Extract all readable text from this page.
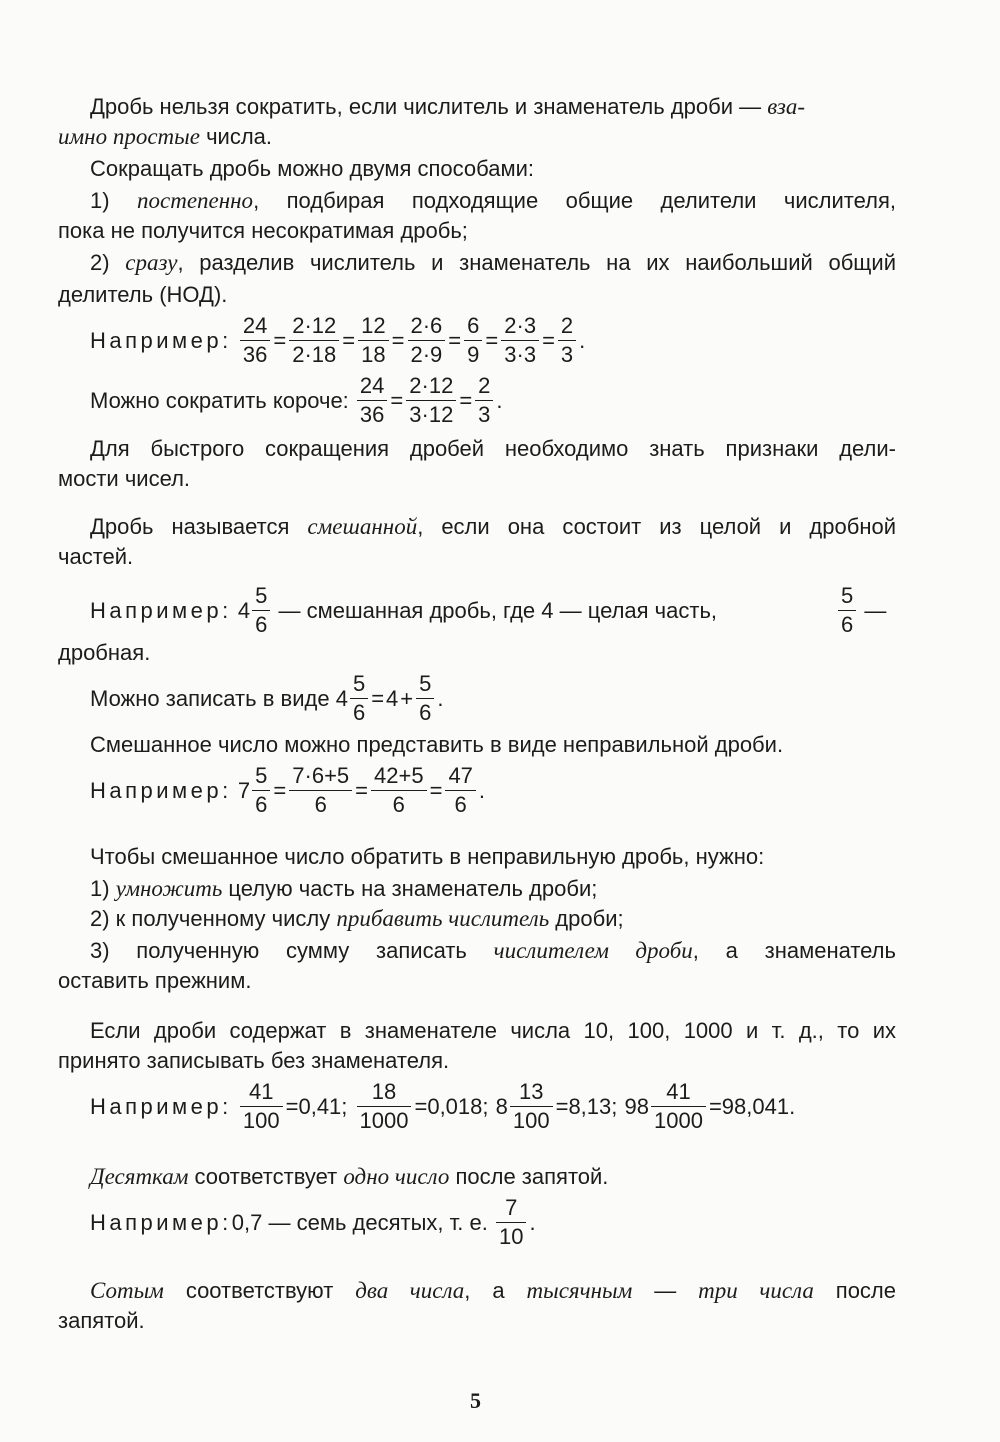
Дробь нельзя сократить, если числитель и знаменатель дроби — вза-
имно простые числа.
Сокращать дробь можно двумя способами:
1) постепенно, подбирая подходящие общие делители числителя,
пока не получится несократимая дробь;
2) сразу, разделив числитель и знаменатель на их наибольший общий
делитель (НОД).
Например: $\frac{24}{36} = \frac{2\cdot 12}{2\cdot 18} = \frac{12}{18} = \frac{2\cdot 6}{2\cdot 9} = \frac{6}{9} = \frac{2\cdot 3}{3\cdot 3} = \frac{2}{3}$ .
Можно сократить короче: $\frac{24}{36} = \frac{2\cdot 12}{3\cdot 12} = \frac{2}{3}$ .
Для быстрого сокращения дробей необходимо знать признаки дели-
мости чисел.
Дробь называется смешанной, если она состоит из целой и дробной
частей.
Например: $4 \frac{5}{6}$ — смешанная дробь, где 4 — целая часть,	$\frac{5}{6}$ —
дробная.
Можно записать в виде $4 \frac{5}{6} =4+ \frac{5}{6}$ .
Смешанное число можно представить в виде неправильной дроби.
Например: $7 \frac{5}{6} = \frac{7\cdot 6+5}{6} = \frac{42+5}{6} = \frac{47}{6}$ .
Чтобы смешанное число обратить в неправильную дробь, нужно:
1) умножить целую часть на знаменатель дроби;
2) к полученному числу прибавить числитель дроби;
3) полученную сумму записать числителем дроби, а знаменатель
оставить прежним.
Если дроби содержат в знаменателе числа 10, 100, 1000 и т. д., то их
принято записывать без знаменателя.
Например: $\frac{41}{100} =0,41$; $\frac{18}{1000} =0,018$; $8 \frac{13}{100} =8,13$; $98 \frac{41}{1000} =98,041$.
Десяткам соответствует одно число после запятой.
Например:0,7 — семь десятых, т. е. $\frac{7}{10}$ .
Сотым соответствуют два числа, а тысячным — три числа после
запятой.
5
